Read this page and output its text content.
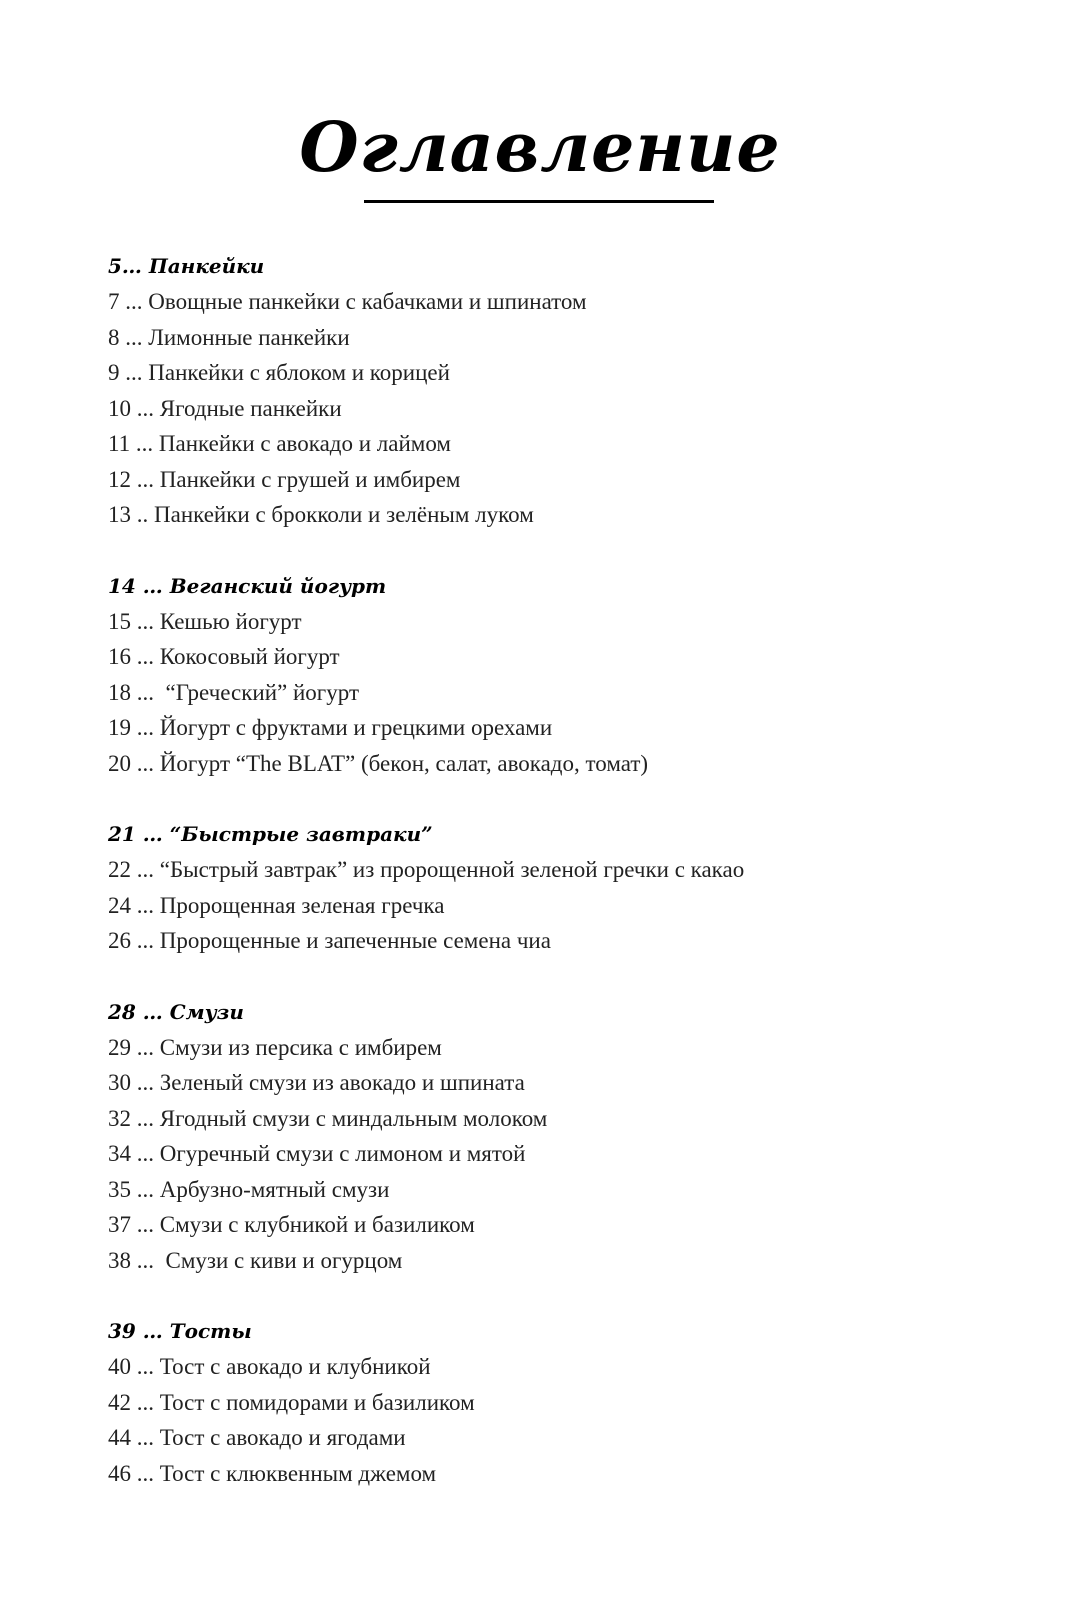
Оглавление
5… Панкейки
7 ... Овощные панкейки с кабачками и шпинатом
8 ... Лимонные панкейки
9 ... Панкейки с яблоком и корицей
10 ... Ягодные панкейки
11 ... Панкейки с авокадо и лаймом
12 ... Панкейки с грушей и имбирем
13 .. Панкейки с брокколи и зелёным луком
14 … Веганский йогурт
15 ... Кешью йогурт
16 ... Кокосовый йогурт
18 ...  “Греческий” йогурт
19 ... Йогурт с фруктами и грецкими орехами
20 ... Йогурт “The BLAT” (бекон, салат, авокадо, томат)
21 … “Быстрые завтраки”
22 ... “Быстрый завтрак” из пророщенной зеленой гречки с какао
24 ... Пророщенная зеленая гречка
26 ... Пророщенные и запеченные семена чиа
28 … Смузи
29 ... Смузи из персика с имбирем
30 ... Зеленый смузи из авокадо и шпината
32 ... Ягодный смузи с миндальным молоком
34 ... Огуречный смузи с лимоном и мятой
35 ... Арбузно-мятный смузи
37 ... Смузи с клубникой и базиликом
38 ...  Смузи с киви и огурцом
39 … Тосты
40 ... Тост с авокадо и клубникой
42 ... Тост с помидорами и базиликом
44 ... Тост с авокадо и ягодами
46 ... Тост с клюквенным джемом
